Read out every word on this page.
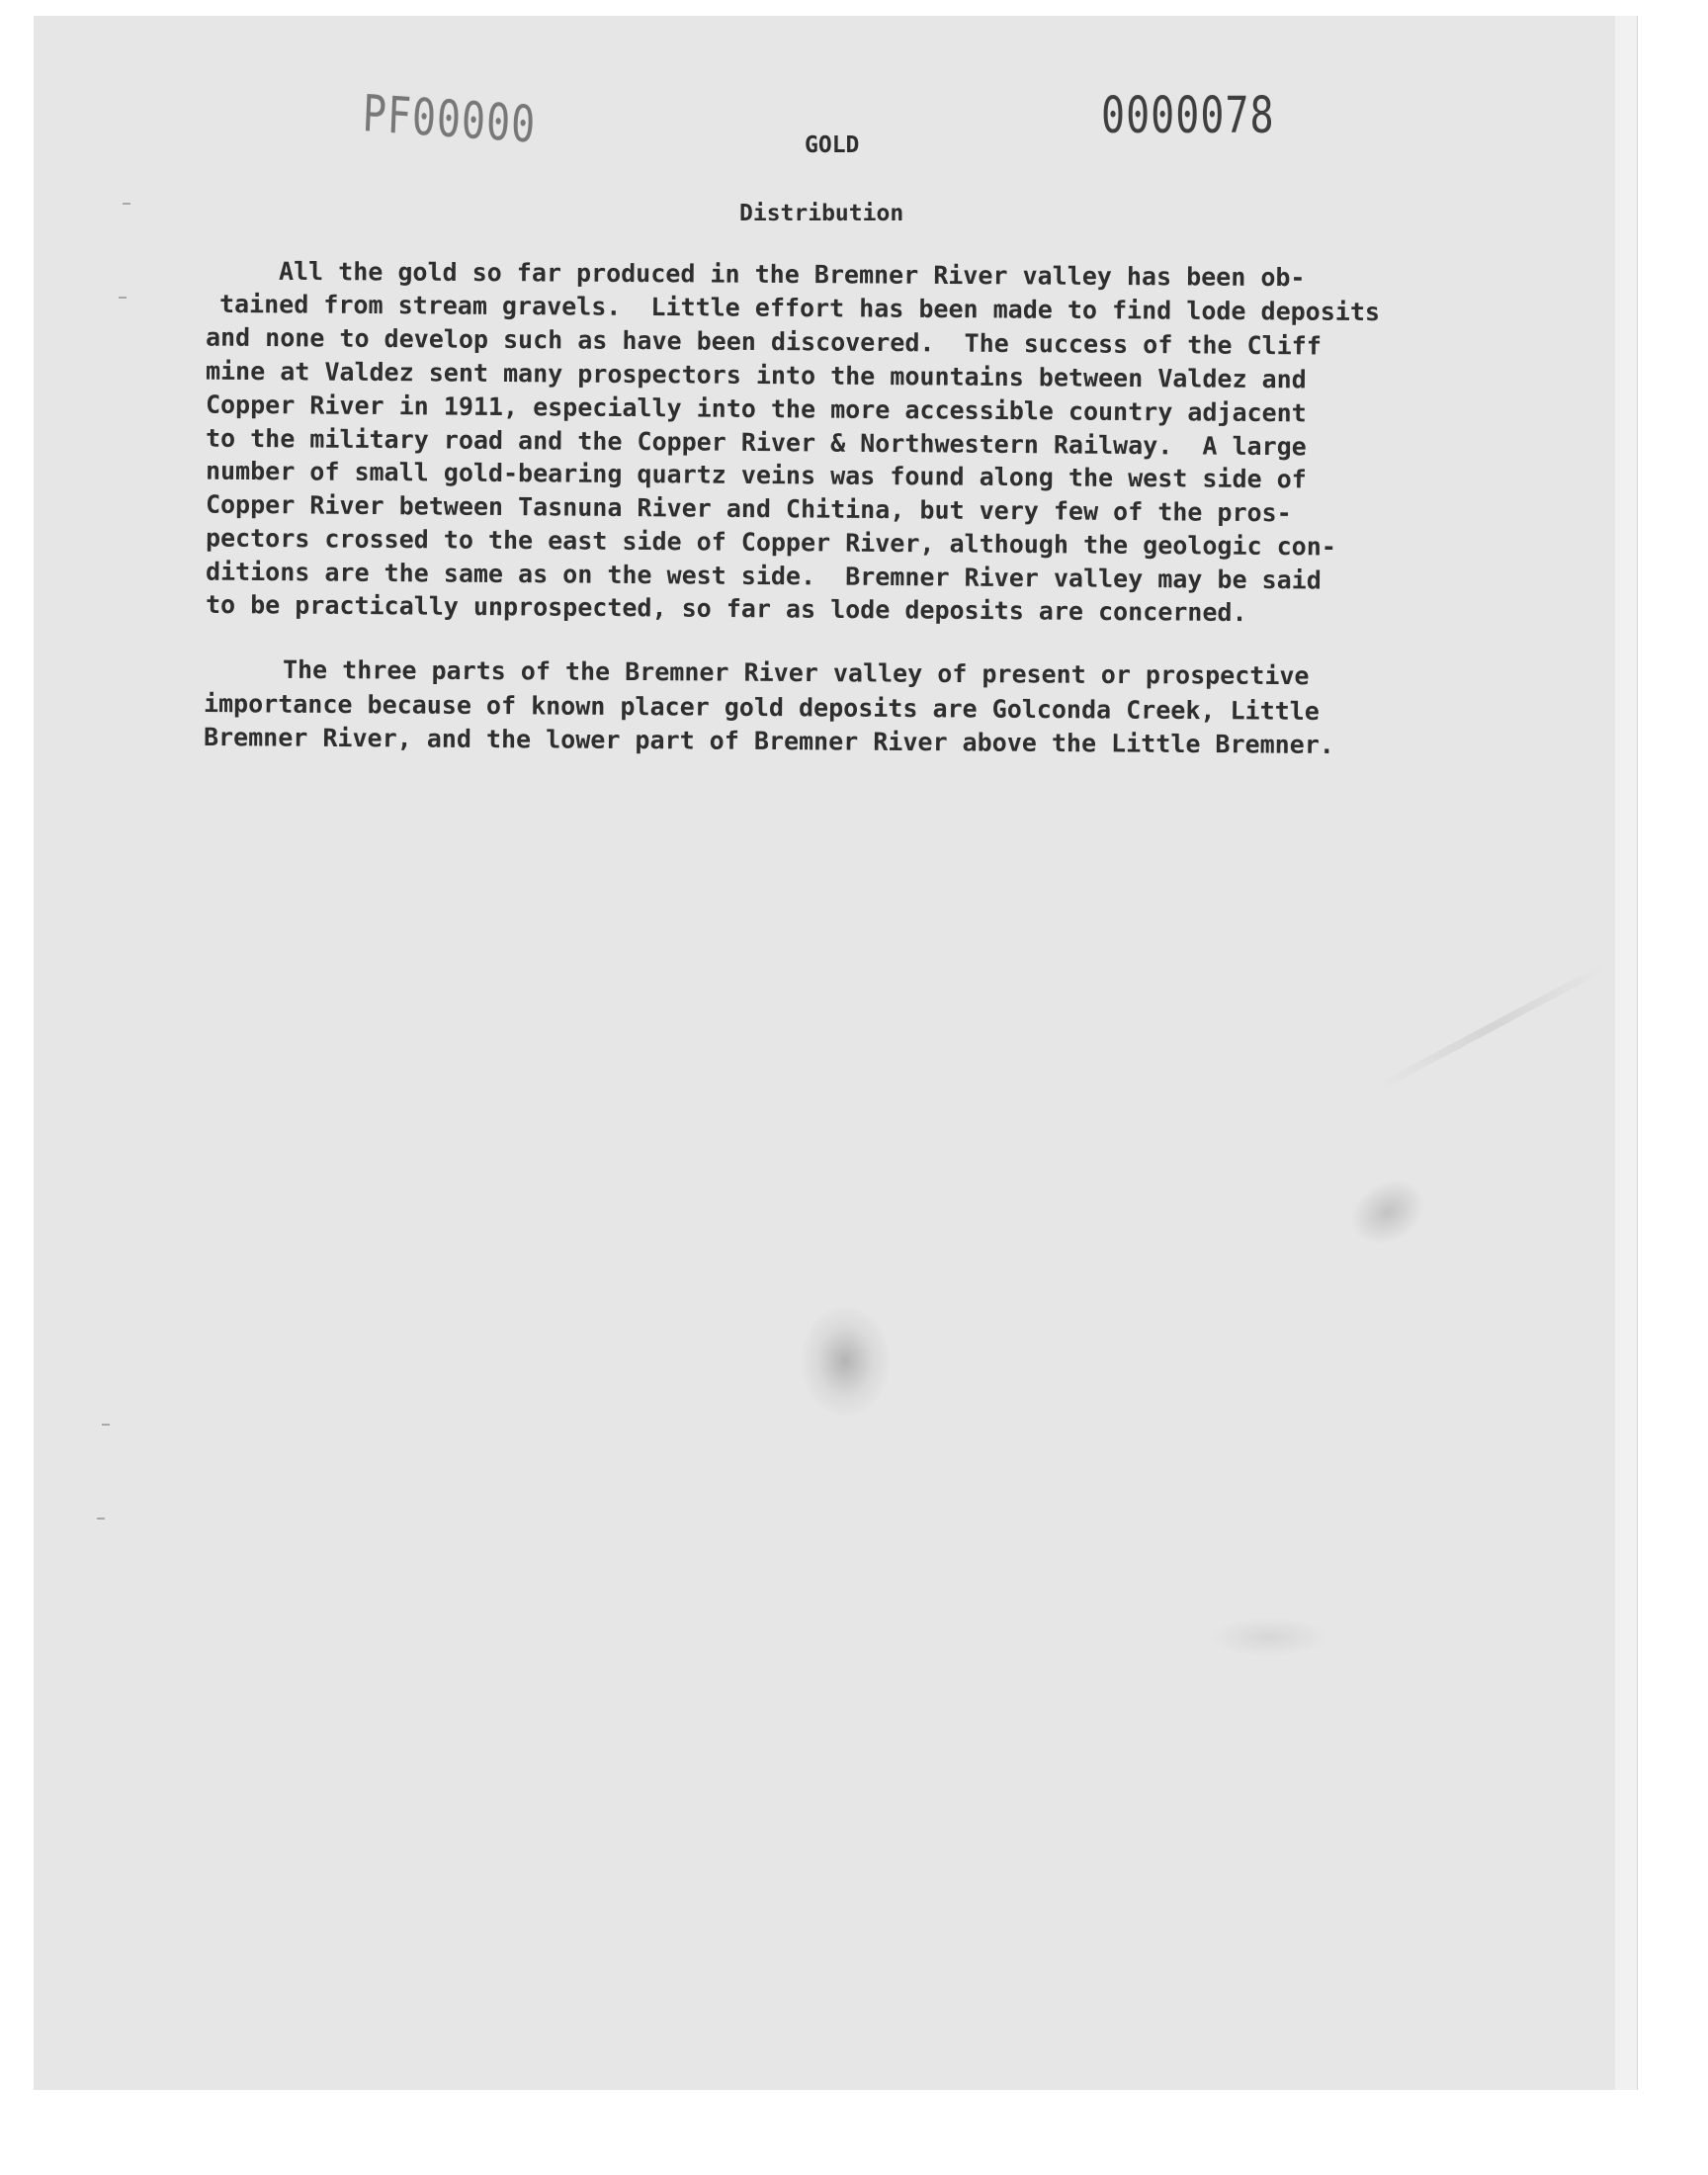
PF00000	0000078
GOLD
Distribution
All the gold so far produced in the Bremner River valley has been ob-
tained from stream gravels.  Little effort has been made to find lode deposits
and none to develop such as have been discovered.  The success of the Cliff
mine at Valdez sent many prospectors into the mountains between Valdez and
Copper River in 1911, especially into the more accessible country adjacent
to the military road and the Copper River & Northwestern Railway.  A large
number of small gold-bearing quartz veins was found along the west side of
Copper River between Tasnuna River and Chitina, but very few of the pros-
pectors crossed to the east side of Copper River, although the geologic con-
ditions are the same as on the west side.  Bremner River valley may be said
to be practically unprospected, so far as lode deposits are concerned.
The three parts of the Bremner River valley of present or prospective
importance because of known placer gold deposits are Golconda Creek, Little
Bremner River, and the lower part of Bremner River above the Little Bremner.
